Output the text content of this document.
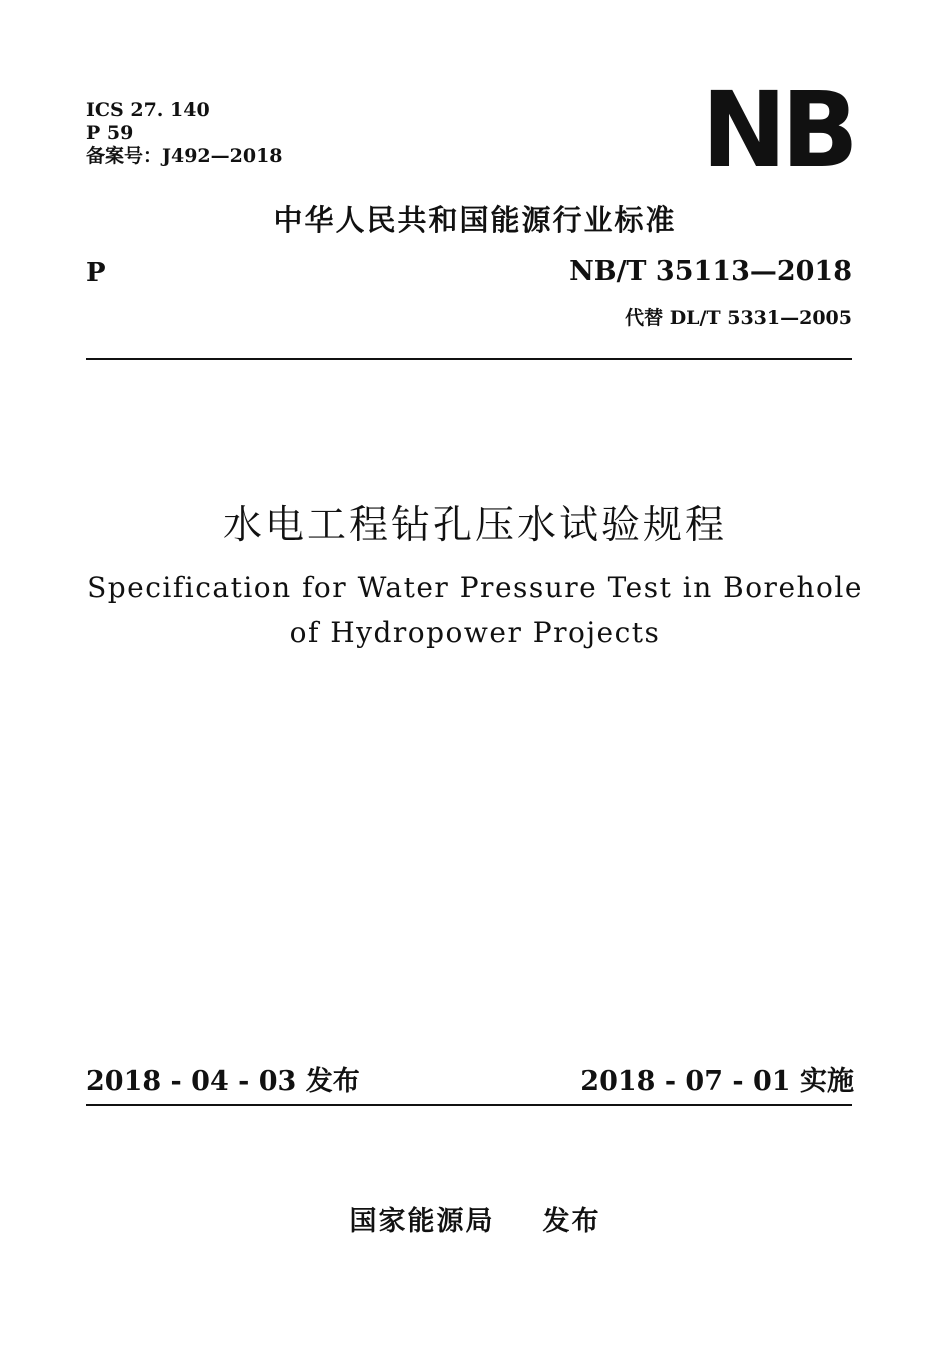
ICS 27. 140
P 59
备案号：J492—2018	NB
中华人民共和国能源行业标准
P	NB/T 35113—2018
代替 DL/T 5331—2005
水电工程钻孔压水试验规程
Specification for Water Pressure Test in Borehole
of Hydropower Projects
2018 - 04 - 03 发布	2018 - 07 - 01 实施
国家能源局 发布
